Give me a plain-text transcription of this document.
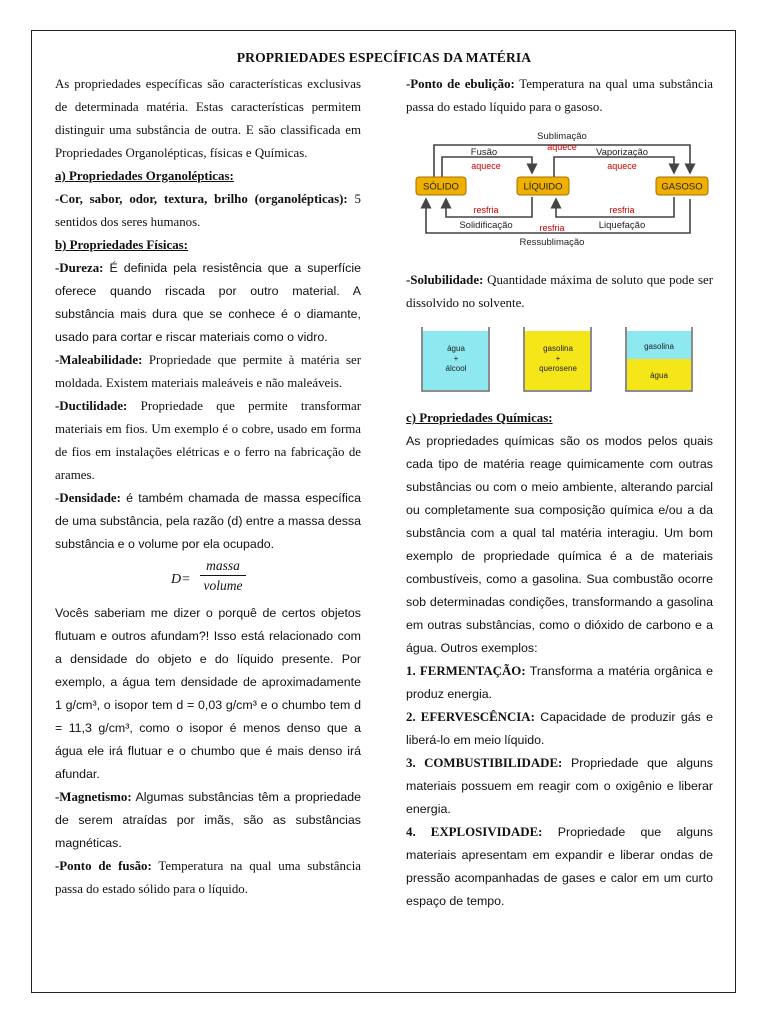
PROPRIEDADES ESPECÍFICAS DA MATÉRIA

As propriedades específicas são características exclusivas de determinada matéria. Estas características permitem distinguir uma substância de outra. E são classificada em Propriedades Organolépticas, físicas e Químicas.

a) Propriedades Organolépticas:

-Cor, sabor, odor, textura, brilho (organolépticas): 5 sentidos dos seres humanos.

b) Propriedades Físicas:

-Dureza: É definida pela resistência que a superfície oferece quando riscada por outro material. A substância mais dura que se conhece é o diamante, usado para cortar e riscar materiais como o vidro.

-Maleabilidade: Propriedade que permite à matéria ser moldada. Existem materiais maleáveis e não maleáveis.

-Ductilidade: Propriedade que permite transformar materiais em fios. Um exemplo é o cobre, usado em forma de fios em instalações elétricas e o ferro na fabricação de arames.

-Densidade: é também chamada de massa específica de uma substância, pela razão (d) entre a massa dessa substância e o volume por ela ocupado.

D=
massa
volume

Vocês saberiam me dizer o porquê de certos objetos flutuam e outros afundam?! Isso está relacionado com a densidade do objeto e do líquido presente. Por exemplo, a água tem densidade de aproximadamente 1 g/cm³, o isopor tem d = 0,03 g/cm³ e o chumbo tem d = 11,3 g/cm³, como o isopor é menos denso que a água ele irá flutuar e o chumbo que é mais denso irá afundar.

-Magnetismo: Algumas substâncias têm a propriedade de serem atraídas por imãs, são as substâncias magnéticas.

-Ponto de fusão: Temperatura na qual uma substância passa do estado sólido para o líquido.

-Ponto de ebulição: Temperatura na qual uma substância passa do estado líquido para o gasoso.

Sublimação
aquece
Fusão
aquece
Vaporização
aquece
SÓLIDO	LÍQUIDO	GASOSO
resfria
Solidificação
resfria
Liquefação
resfria
Ressublimação

-Solubilidade: Quantidade máxima de soluto que pode ser dissolvido no solvente.

água
+
álcool
gasolina
+
querosene
gasolina
água

c) Propriedades Químicas:

As propriedades químicas são os modos pelos quais cada tipo de matéria reage quimicamente com outras substâncias ou com o meio ambiente, alterando parcial ou completamente sua composição química e/ou a da substância com a qual tal matéria interagiu. Um bom exemplo de propriedade química é a de materiais combustíveis, como a gasolina. Sua combustão ocorre sob determinadas condições, transformando a gasolina em outras substâncias, como o dióxido de carbono e a água. Outros exemplos:

1. FERMENTAÇÃO: Transforma a matéria orgânica e produz energia.

2. EFERVESCÊNCIA: Capacidade de produzir gás e liberá-lo em meio líquido.

3. COMBUSTIBILIDADE: Propriedade que alguns materiais possuem em reagir com o oxigênio e liberar energia.

4. EXPLOSIVIDADE: Propriedade que alguns materiais apresentam em expandir e liberar ondas de pressão acompanhadas de gases e calor em um curto espaço de tempo.
